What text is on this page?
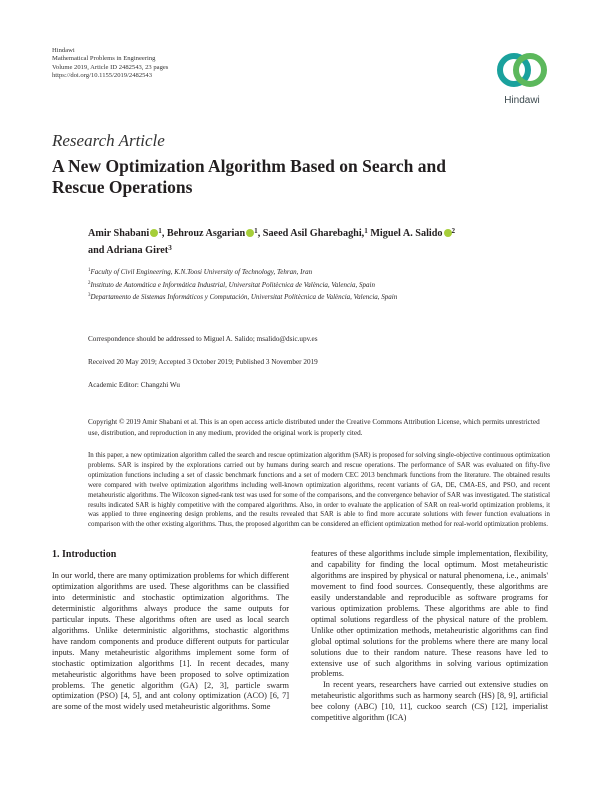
Hindawi
Mathematical Problems in Engineering
Volume 2019, Article ID 2482543, 23 pages
https://doi.org/10.1155/2019/2482543
Hindawi
Research Article
A New Optimization Algorithm Based on Search and Rescue Operations
Amir Shabani $^1$, Behrouz Asgarian $^1$, Saeed Asil Gharebaghi,$^1$ Miguel A. Salido $^2$
and Adriana Giret$^3$
$^1$Faculty of Civil Engineering, K.N.Toosi University of Technology, Tehran, Iran
$^2$Instituto de Automática e Informática Industrial, Universitat Politècnica de València, Valencia, Spain
$^3$Departamento de Sistemas Informáticos y Computación, Universitat Politècnica de València, Valencia, Spain
Correspondence should be addressed to Miguel A. Salido; msalido@dsic.upv.es
Received 20 May 2019; Accepted 3 October 2019; Published 3 November 2019
Academic Editor: Changzhi Wu
Copyright © 2019 Amir Shabani et al. This is an open access article distributed under the Creative Commons Attribution License, which permits unrestricted use, distribution, and reproduction in any medium, provided the original work is properly cited.
In this paper, a new optimization algorithm called the search and rescue optimization algorithm (SAR) is proposed for solving single-objective continuous optimization problems. SAR is inspired by the explorations carried out by humans during search and rescue operations. The performance of SAR was evaluated on fifty-five optimization functions including a set of classic benchmark functions and a set of modern CEC 2013 benchmark functions from the literature. The obtained results were compared with twelve optimization algorithms including well-known optimization algorithms, recent variants of GA, DE, CMA-ES, and PSO, and recent metaheuristic algorithms. The Wilcoxon signed-rank test was used for some of the comparisons, and the convergence behavior of SAR was investigated. The statistical results indicated SAR is highly competitive with the compared algorithms. Also, in order to evaluate the application of SAR on real-world optimization problems, it was applied to three engineering design problems, and the results revealed that SAR is able to find more accurate solutions with fewer function evaluations in comparison with the other existing algorithms. Thus, the proposed algorithm can be considered an efficient optimization method for real-world optimization problems.
1. Introduction

In our world, there are many optimization problems for which different optimization algorithms are used. These algorithms can be classified into deterministic and stochastic optimization algorithms. The deterministic algorithms always produce the same outputs for particular inputs. These algorithms often are used as local search algorithms. Unlike deterministic algorithms, stochastic algorithms have random components and produce different outputs for particular inputs. Many metaheuristic algorithms implement some form of stochastic optimization algorithms [1]. In recent decades, many metaheuristic algorithms have been proposed to solve optimization problems. The genetic algorithm (GA) [2, 3], particle swarm optimization (PSO) [4, 5], and ant colony optimization (ACO) [6, 7] are some of the most widely used metaheuristic algorithms. Some

features of these algorithms include simple implementation, flexibility, and capability for finding the local optimum. Most metaheuristic algorithms are inspired by physical or natural phenomena, i.e., animals' movement to find food sources. Consequently, these algorithms are easily understandable and reproducible as software programs for various optimization problems. These algorithms are able to find optimal solutions regardless of the physical nature of the problem. Unlike other optimization methods, metaheuristic algorithms can find global optimal solutions for the problems where there are many local solutions due to their random nature. These reasons have led to extensive use of such algorithms in solving various optimization problems.

In recent years, researchers have carried out extensive studies on metaheuristic algorithms such as harmony search (HS) [8, 9], artificial bee colony (ABC) [10, 11], cuckoo search (CS) [12], imperialist competitive algorithm (ICA)
